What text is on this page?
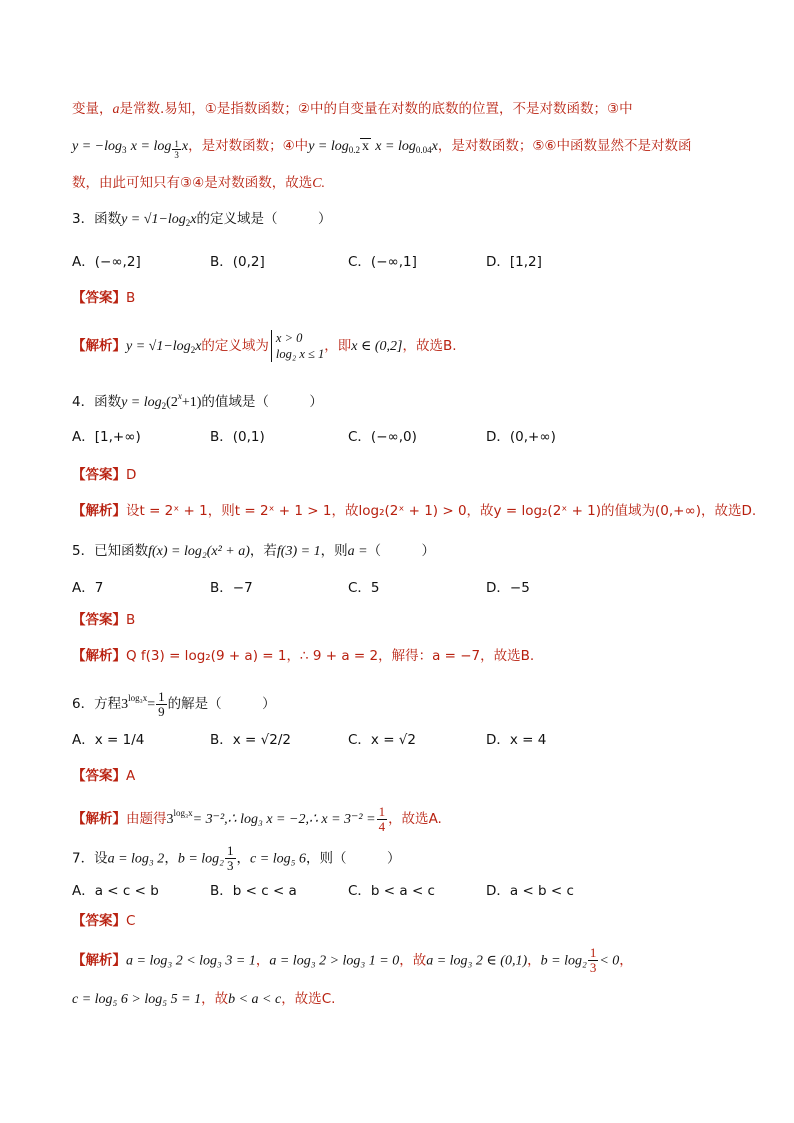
变量，a是常数.易知，①是指数函数；②中的自变量在对数的底数的位置，不是对数函数；③中
$y = -\log_3$ $x = \log \frac{1}{3}$ x，是对数函数；④中$y = \log_{0.2} x$ $x = \log_{0.04}x$，是对数函数；⑤⑥中函数显然不是对数函
数，由此可知只有③④是对数函数，故选C.
3．函数$y = √1-\log_2x$的定义域是（　　　）
A．(−∞,2]	B．(0,2]	C．(−∞,1]	D．[1,2]
【答案】B
【解析】$y = √1-\log_2x$的定义域为 x > 0
log₂ x ≤ 1 ，即x ∈ (0,2]，故选B.
4．函数$y = \log_2(2^x+1)$的值域是（　　　）
A．[1,+∞)	B．(0,1)	C．(−∞,0)	D．(0,+∞)
【答案】D
【解析】设t = 2ˣ + 1，则t = 2ˣ + 1 > 1，故log₂(2ˣ + 1) > 0，故y = log₂(2ˣ + 1)的值域为(0,+∞)，故选D.
5．已知函数f(x) = log₂(x² + a)，若f(3) = 1，则a =（　　　）
A．7	B．−7	C．5	D．−5
【答案】B
【解析】Q f(3) = log₂(9 + a) = 1，∴ 9 + a = 2，解得：a = −7，故选B.
6．方程$3^{log_3x}= \frac{1}{9}$ 的解是（　　　）
A．x = 1/4	B．x = √2/2	C．x = √2	D．x = 4
【答案】A
【解析】由题得$3^{log_3x}=$ 3⁻²,∴ log₃ x = −2,∴ $x = 3^{-2} = \frac{1}{4}$ ，故选A.
7．设a = log₃ 2，$b = \log_2 \frac{1}{3}$ ，c = log₅ 6，则（　　　）
A．a < c < b	B．b < c < a	C．b < a < c	D．a < b < c
【答案】C
【解析】a = log₃ 2 < log₃ 3 = 1，a = log₃ 2 > log₃ 1 = 0，故a = log₃ 2 ∈ (0,1)，$b = \log_2 \frac{1}{3} < 0$，
c = log₅ 6 > log₅ 5 = 1，故b < a < c，故选C.
